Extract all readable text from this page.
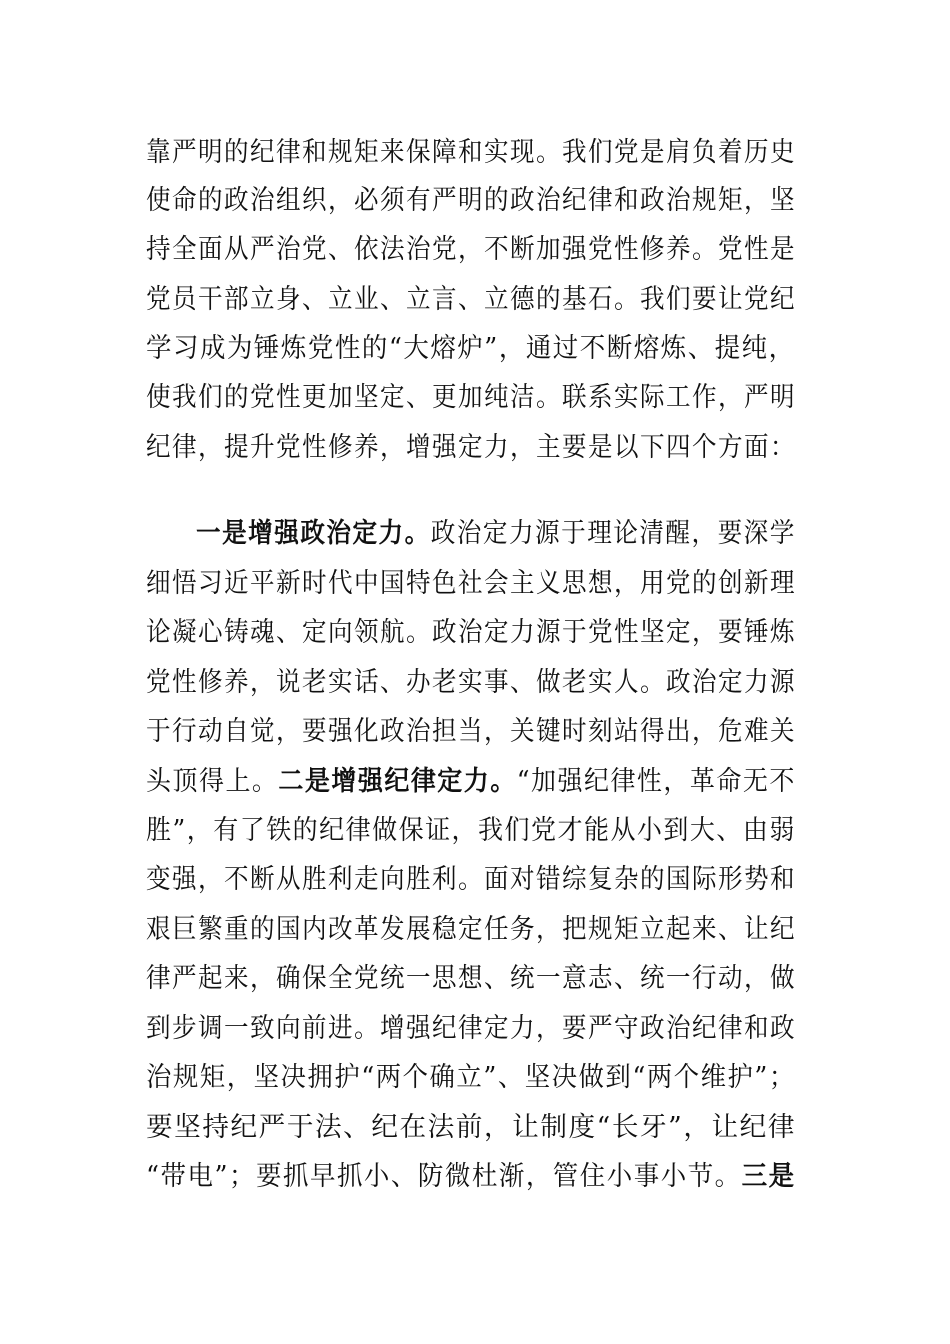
靠严明的纪律和规矩来保障和实现。我们党是肩负着历史
使命的政治组织，必须有严明的政治纪律和政治规矩，坚
持全面从严治党、依法治党，不断加强党性修养。党性是
党员干部立身、立业、立言、立德的基石。我们要让党纪
学习成为锤炼党性的“大熔炉”，通过不断熔炼、提纯，
使我们的党性更加坚定、更加纯洁。联系实际工作，严明
纪律，提升党性修养，增强定力，主要是以下四个方面：
一是增强政治定力。政治定力源于理论清醒，要深学
细悟习近平新时代中国特色社会主义思想，用党的创新理
论凝心铸魂、定向领航。政治定力源于党性坚定，要锤炼
党性修养，说老实话、办老实事、做老实人。政治定力源
于行动自觉，要强化政治担当，关键时刻站得出，危难关
头顶得上。二是增强纪律定力。“加强纪律性，革命无不
胜”，有了铁的纪律做保证，我们党才能从小到大、由弱
变强，不断从胜利走向胜利。面对错综复杂的国际形势和
艰巨繁重的国内改革发展稳定任务，把规矩立起来、让纪
律严起来，确保全党统一思想、统一意志、统一行动，做
到步调一致向前进。增强纪律定力，要严守政治纪律和政
治规矩，坚决拥护“两个确立”、坚决做到“两个维护”；
要坚持纪严于法、纪在法前，让制度“长牙”，让纪律
“带电”；要抓早抓小、防微杜渐，管住小事小节。三是
